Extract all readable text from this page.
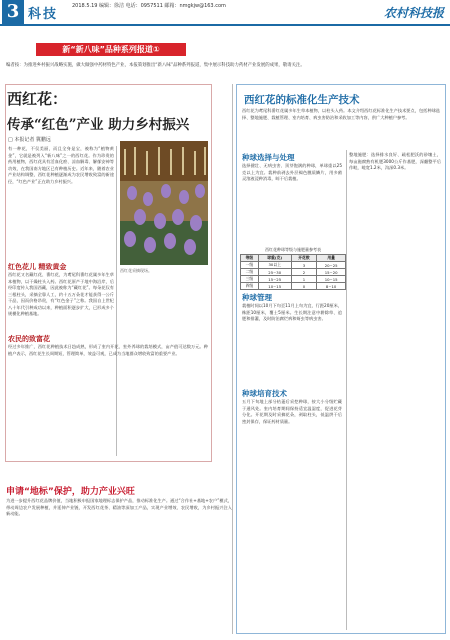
3 科技
2018.5.19 编辑：徐洁 电话：0957511 邮箱：nmgkjw@163.com	农村科技报
新“新八味”品种系列报道①
编者按：为推进乡村振兴战略实施，做大做强中药材特色产业，本报策划推出“新八味”品种系列报道，集中展示科技助力药材产业发展的成果，敬请关注。
西红花：
传承“红色”产业 助力乡村振兴
□ 本报记者 冀鹏远
有一种花，不仅美丽，而且全身是宝，被称为“植物黄金”，它就是被列入“新八味”之一的西红花。作为珍贵的药用植物，西红花具有活血化瘀、凉血解毒、解郁安神等功效，在我国南方地区已有种植历史。近年来，随着农业产业结构调整，西红花种植逐渐成为农民增收致富的新途径，“红色产业”正在助力乡村振兴。
西红花采摘现场。
红色花儿 精致黄金
西红花又名藏红花、番红花，为鸢尾科番红花属多年生草本植物，以干燥柱头入药。西红花原产于地中海沿岸，后经印度传入我国西藏，因此被称为“藏红花”。每朵花仅有三根柱头，采摘全靠人工，约十五万朵花才能获得一公斤干品，因而价格昂贵，有“红色金子”之称。我国自上世纪八十年代引种成功以来，种植面积逐步扩大，已形成多个规模化种植基地。
农民的致富花
经过多年推广，西红花种植技术日趋成熟，形成了室内开花、室外养球的栽培模式，亩产值可达数万元。种植户表示，西红花生长周期短，管理简单，效益可观，已成为当地群众增收致富的重要产业。
申请“地标”保护，助力产业兴旺
为进一步提升西红花品牌价值，当地积极申报国家地理标志保护产品，推动标准化生产。通过“合作社+基地+农户”模式，带动周边农户发展种植，并延伸产业链，开发西红花茶、精油等深加工产品，实现产业增效、农民增收，为乡村振兴注入新动能。
西红花的标准化生产技术
西红花为鸢尾科番红花属多年生草本植物，以柱头入药。本文介绍西红花标准化生产技术要点，包括种球选择、整地施肥、栽植管理、室内培育、病虫害防治和采收加工等内容，供广大种植户参考。
种球选择与处理
选择健壮、无病虫害、顶芽饱满的种球，单球重以25克以上为宜。栽种前剥去外层褐色膜质鳞片，用多菌灵溶液浸种消毒，晾干后栽植。
西红花种球等级与施肥量参考表
等级	球重(克)	开花数	用量
一级	30以上	3	20~25
二级	25~30	2	15~20
三级	15~25	1	10~15
四级	10~15	0	8~10
整地施肥：选择排水良好、疏松肥沃的砂壤土，每亩施腐熟有机肥3000公斤作基肥，深翻整平后作畦，畦宽1.2米，沟深0.3米。
种球管理
栽植时间以10月下旬至11月上旬为宜，行距20厘米，株距10厘米，覆土5厘米。生长期注意中耕除草、追肥和排灌，及时防治腐烂病和蚜虫等病虫害。
种球培育技术
五月下旬地上部分枯萎后采挖种球，按大小分级贮藏于通风处。室内培育期间保持适宜温湿度，促进花芽分化。开花期及时采摘花朵，剥取柱头，低温烘干后密封保存，保证药材质量。
